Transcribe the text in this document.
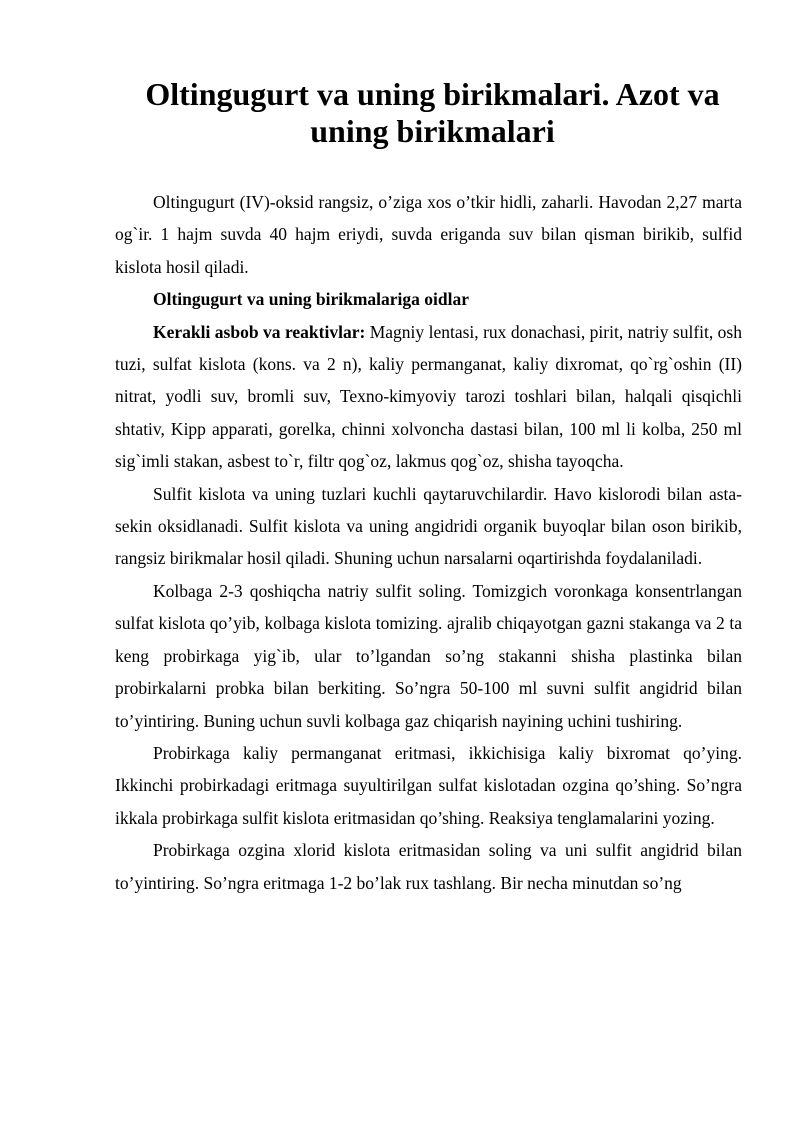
Oltingugurt va uning birikmalari. Azot va uning birikmalari

Oltingugurt (IV)-oksid rangsiz, o’ziga xos o’tkir hidli, zaharli. Havodan 2,27 marta og`ir. 1 hajm suvda 40 hajm eriydi, suvda eriganda suv bilan qisman birikib, sulfid kislota hosil qiladi.

Oltingugurt va uning birikmalariga oidlar

Kerakli asbob va reaktivlar: Magniy lentasi, rux donachasi, pirit, natriy sulfit, osh tuzi, sulfat kislota (kons. va 2 n), kaliy permanganat, kaliy dixromat, qo`rg`oshin (II) nitrat, yodli suv, bromli suv, Texno-kimyoviy tarozi toshlari bilan, halqali qisqichli shtativ, Kipp apparati, gorelka, chinni xolvoncha dastasi bilan, 100 ml li kolba, 250 ml sig`imli stakan, asbest to`r, filtr qog`oz, lakmus qog`oz, shisha tayoqcha.

Sulfit kislota va uning tuzlari kuchli qaytaruvchilardir. Havo kislorodi bilan asta-sekin oksidlanadi. Sulfit kislota va uning angidridi organik buyoqlar bilan oson birikib, rangsiz birikmalar hosil qiladi. Shuning uchun narsalarni oqartirishda foydalaniladi.

Kolbaga 2-3 qoshiqcha natriy sulfit soling. Tomizgich voronkaga konsentrlangan sulfat kislota qo’yib, kolbaga kislota tomizing. ajralib chiqayotgan gazni stakanga va 2 ta keng probirkaga yig`ib, ular to’lgandan so’ng stakanni shisha plastinka bilan probirkalarni probka bilan berkiting. So’ngra 50-100 ml suvni sulfit angidrid bilan to’yintiring. Buning uchun suvli kolbaga gaz chiqarish nayining uchini tushiring.

Probirkaga kaliy permanganat eritmasi, ikkichisiga kaliy bixromat qo’ying. Ikkinchi probirkadagi eritmaga suyultirilgan sulfat kislotadan ozgina qo’shing. So’ngra ikkala probirkaga sulfit kislota eritmasidan qo’shing. Reaksiya tenglamalarini yozing.

Probirkaga ozgina xlorid kislota eritmasidan soling va uni sulfit angidrid bilan to’yintiring. So’ngra eritmaga 1-2 bo’lak rux tashlang. Bir necha minutdan so’ng
